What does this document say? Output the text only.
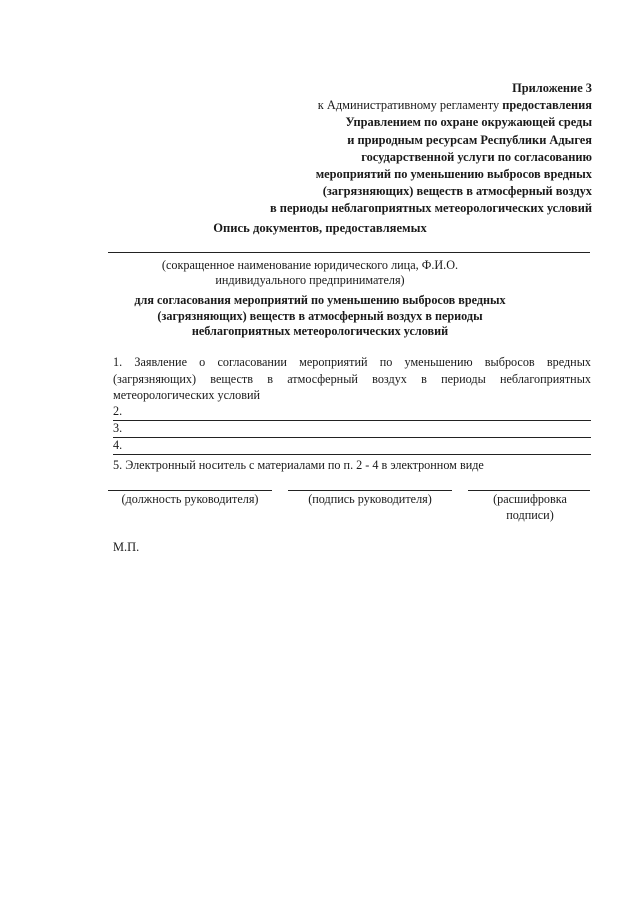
Приложение 3
к Административному регламенту предоставления
Управлением по охране окружающей среды
и природным ресурсам Республики Адыгея
государственной услуги по согласованию
мероприятий по уменьшению выбросов вредных
(загрязняющих) веществ в атмосферный воздух
в периоды неблагоприятных метеорологических условий
Опись документов, предоставляемых
(сокращенное наименование юридического лица, Ф.И.О. индивидуального предпринимателя)
для согласования мероприятий по уменьшению выбросов вредных (загрязняющих) веществ в атмосферный воздух в периоды неблагоприятных метеорологических условий
1. Заявление о согласовании мероприятий по уменьшению выбросов вредных (загрязняющих) веществ в атмосферный воздух в периоды неблагоприятных метеорологических условий
2.
3.
4.
5. Электронный носитель с материалами по п. 2 - 4 в электронном виде
(должность руководителя)	(подпись руководителя)	(расшифровка подписи)
М.П.
